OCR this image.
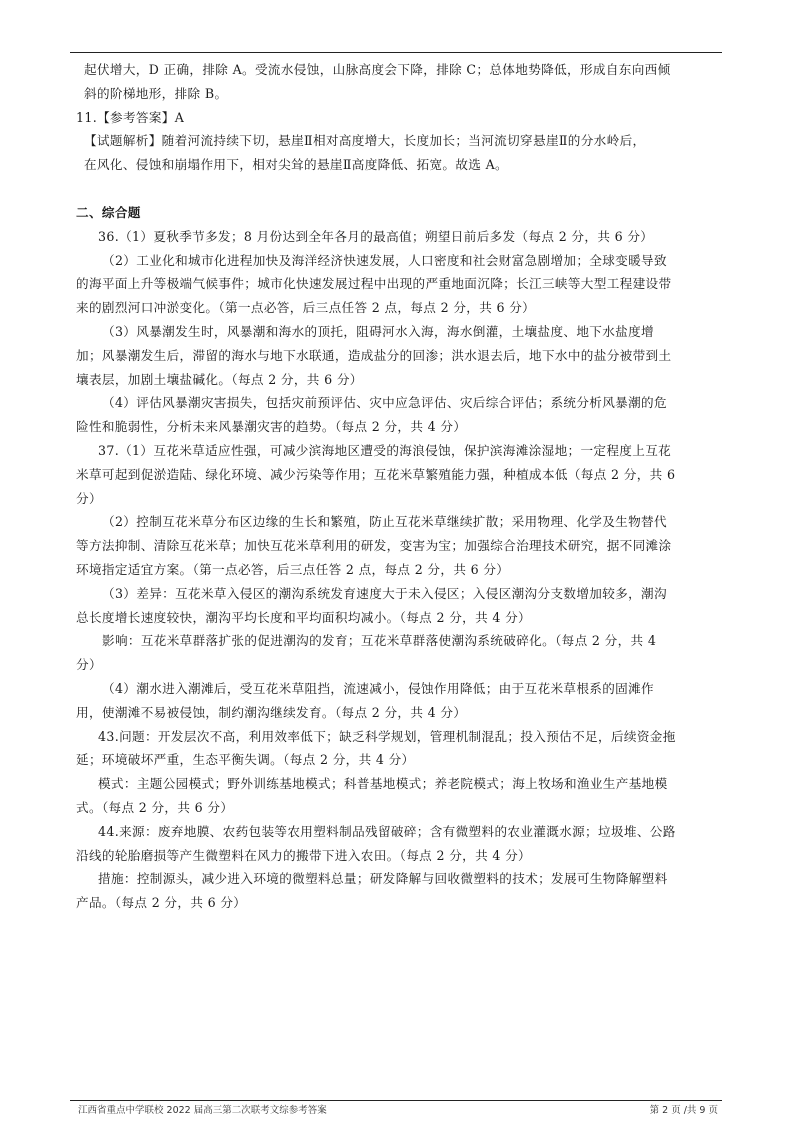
起伏增大，D 正确，排除 A。受流水侵蚀，山脉高度会下降，排除 C；总体地势降低，形成自东向西倾
斜的阶梯地形，排除 B。
11.【参考答案】A
【试题解析】随着河流持续下切，悬崖Ⅱ相对高度增大，长度加长；当河流切穿悬崖Ⅱ的分水岭后，
在风化、侵蚀和崩塌作用下，相对尖耸的悬崖Ⅱ高度降低、拓宽。故选 A。
二、综合题
36.（1）夏秋季节多发；8 月份达到全年各月的最高值；朔望日前后多发（每点 2 分，共 6 分）
（2）工业化和城市化进程加快及海洋经济快速发展，人口密度和社会财富急剧增加；全球变暖导致
的海平面上升等极端气候事件；城市化快速发展过程中出现的严重地面沉降；长江三峡等大型工程建设带
来的剧烈河口冲淤变化。（第一点必答，后三点任答 2 点，每点 2 分，共 6 分）
（3）风暴潮发生时，风暴潮和海水的顶托，阻碍河水入海，海水倒灌，土壤盐度、地下水盐度增
加；风暴潮发生后，滞留的海水与地下水联通，造成盐分的回渗；洪水退去后，地下水中的盐分被带到土
壤表层，加剧土壤盐碱化。（每点 2 分，共 6 分）
（4）评估风暴潮灾害损失，包括灾前预评估、灾中应急评估、灾后综合评估；系统分析风暴潮的危
险性和脆弱性，分析未来风暴潮灾害的趋势。（每点 2 分，共 4 分）
37.（1）互花米草适应性强，可减少滨海地区遭受的海浪侵蚀，保护滨海滩涂湿地；一定程度上互花
米草可起到促淤造陆、绿化环境、减少污染等作用；互花米草繁殖能力强，种植成本低（每点 2 分，共 6
分）
（2）控制互花米草分布区边缘的生长和繁殖，防止互花米草继续扩散；采用物理、化学及生物替代
等方法抑制、清除互花米草；加快互花米草利用的研发，变害为宝；加强综合治理技术研究，据不同滩涂
环境指定适宜方案。（第一点必答，后三点任答 2 点，每点 2 分，共 6 分）
（3）差异：互花米草入侵区的潮沟系统发育速度大于未入侵区；入侵区潮沟分支数增加较多，潮沟
总长度增长速度较快，潮沟平均长度和平均面积均减小。（每点 2 分，共 4 分）
影响：互花米草群落扩张的促进潮沟的发育；互花米草群落使潮沟系统破碎化。（每点 2 分，共 4
分）
（4）潮水进入潮滩后，受互花米草阻挡，流速减小，侵蚀作用降低；由于互花米草根系的固滩作
用，使潮滩不易被侵蚀，制约潮沟继续发育。（每点 2 分，共 4 分）
43.问题：开发层次不高，利用效率低下；缺乏科学规划，管理机制混乱；投入预估不足，后续资金拖
延；环境破坏严重，生态平衡失调。（每点 2 分，共 4 分）
模式：主题公园模式；野外训练基地模式；科普基地模式；养老院模式；海上牧场和渔业生产基地模
式。（每点 2 分，共 6 分）
44.来源：废弃地膜、农药包装等农用塑料制品残留破碎；含有微塑料的农业灌溉水源；垃圾堆、公路
沿线的轮胎磨损等产生微塑料在风力的搬带下进入农田。（每点 2 分，共 4 分）
措施：控制源头，减少进入环境的微塑料总量；研发降解与回收微塑料的技术；发展可生物降解塑料
产品。（每点 2 分，共 6 分）
江西省重点中学联校 2022 届高三第二次联考文综参考答案	第 2 页 /共 9 页
